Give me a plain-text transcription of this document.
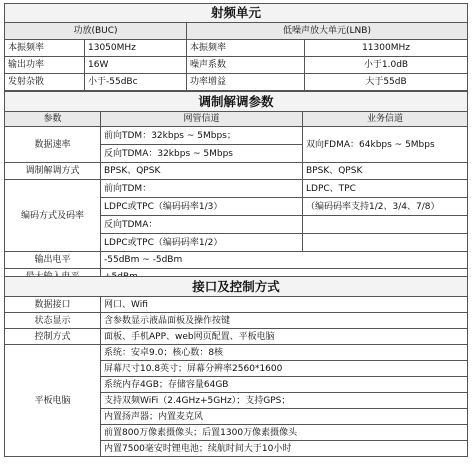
射频单元			
功放(BUC)		低噪声放大单元(LNB)	
本振频率	13050MHz	本振频率	11300MHz
输出功率	16W	噪声系数	小于1.0dB
发射杂散	小于-55dBc	功率增益	大于55dB
调制解调参数		
参数	网管信道	业务信道
数据速率	前向TDM：32kbps ~ 5Mbps；	双向FDMA：64kbps ~ 5Mbps
	反向TDMA：32kbps ~ 5Mbps	
调制解调方式	BPSK、QPSK	BPSK、QPSK
编码方式及码率	前向TDM：	LDPC、TPC
	LDPC或TPC（编码码率1/3）	（编码码率支持1/2、3/4、7/8）
	反向TDMA：	
	LDPC或TPC（编码码率1/2）	
输出电平	-55dBm ~ -5dBm	

接口及控制方式	
数据接口	网口、Wifi
状态显示	含参数显示液晶面板及操作按键
控制方式	面板、手机APP、web网页配置、平板电脑
平板电脑	系统：安卓9.0；核心数：8核
	屏幕尺寸10.8英寸；屏幕分辨率2560*1600
	系统内存4GB；存储容量64GB
	支持双频WiFi（2.4GHz+5GHz）；支持GPS；
	内置扬声器；内置麦克风
	前置800万像素摄像头；后置1300万像素摄像头
	内置7500毫安时锂电池；续航时间大于10小时
